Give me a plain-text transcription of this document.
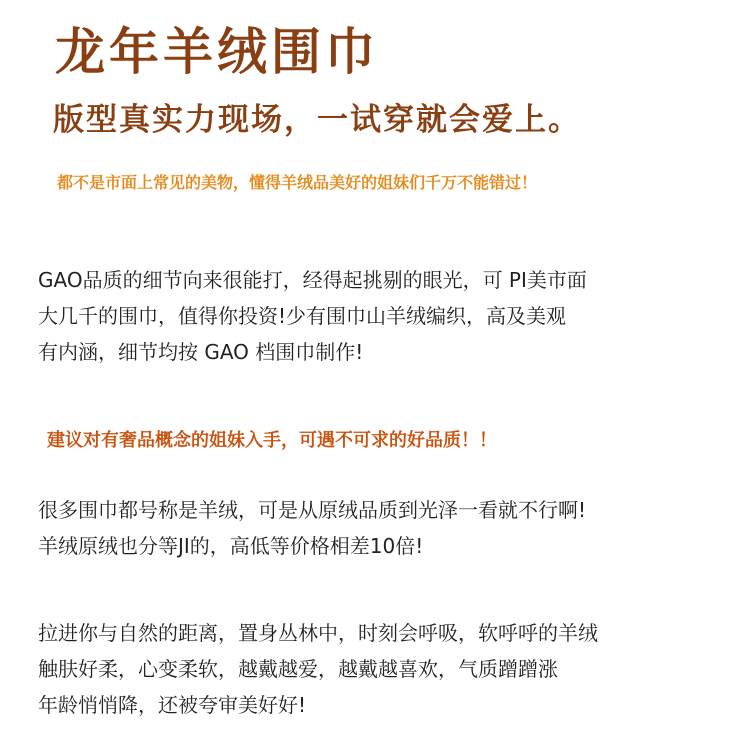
龙年羊绒围巾
版型真实力现场，一试穿就会爱上。
都不是市面上常见的美物，懂得羊绒品美好的姐妹们千万不能错过！
GAO品质的细节向来很能打，经得起挑剔的眼光，可 PI美市面
大几千的围巾，值得你投资!少有围巾山羊绒编织，高及美观
有内涵，细节均按 GAO 档围巾制作!
建议对有奢品概念的姐妹入手，可遇不可求的好品质！！
很多围巾都号称是羊绒，可是从原绒品质到光泽一看就不行啊!
羊绒原绒也分等JI的，高低等价格相差10倍!
拉进你与自然的距离，置身丛林中，时刻会呼吸，软呼呼的羊绒
触肤好柔，心变柔软，越戴越爱，越戴越喜欢，气质蹭蹭涨
年龄悄悄降，还被夸审美好好!
